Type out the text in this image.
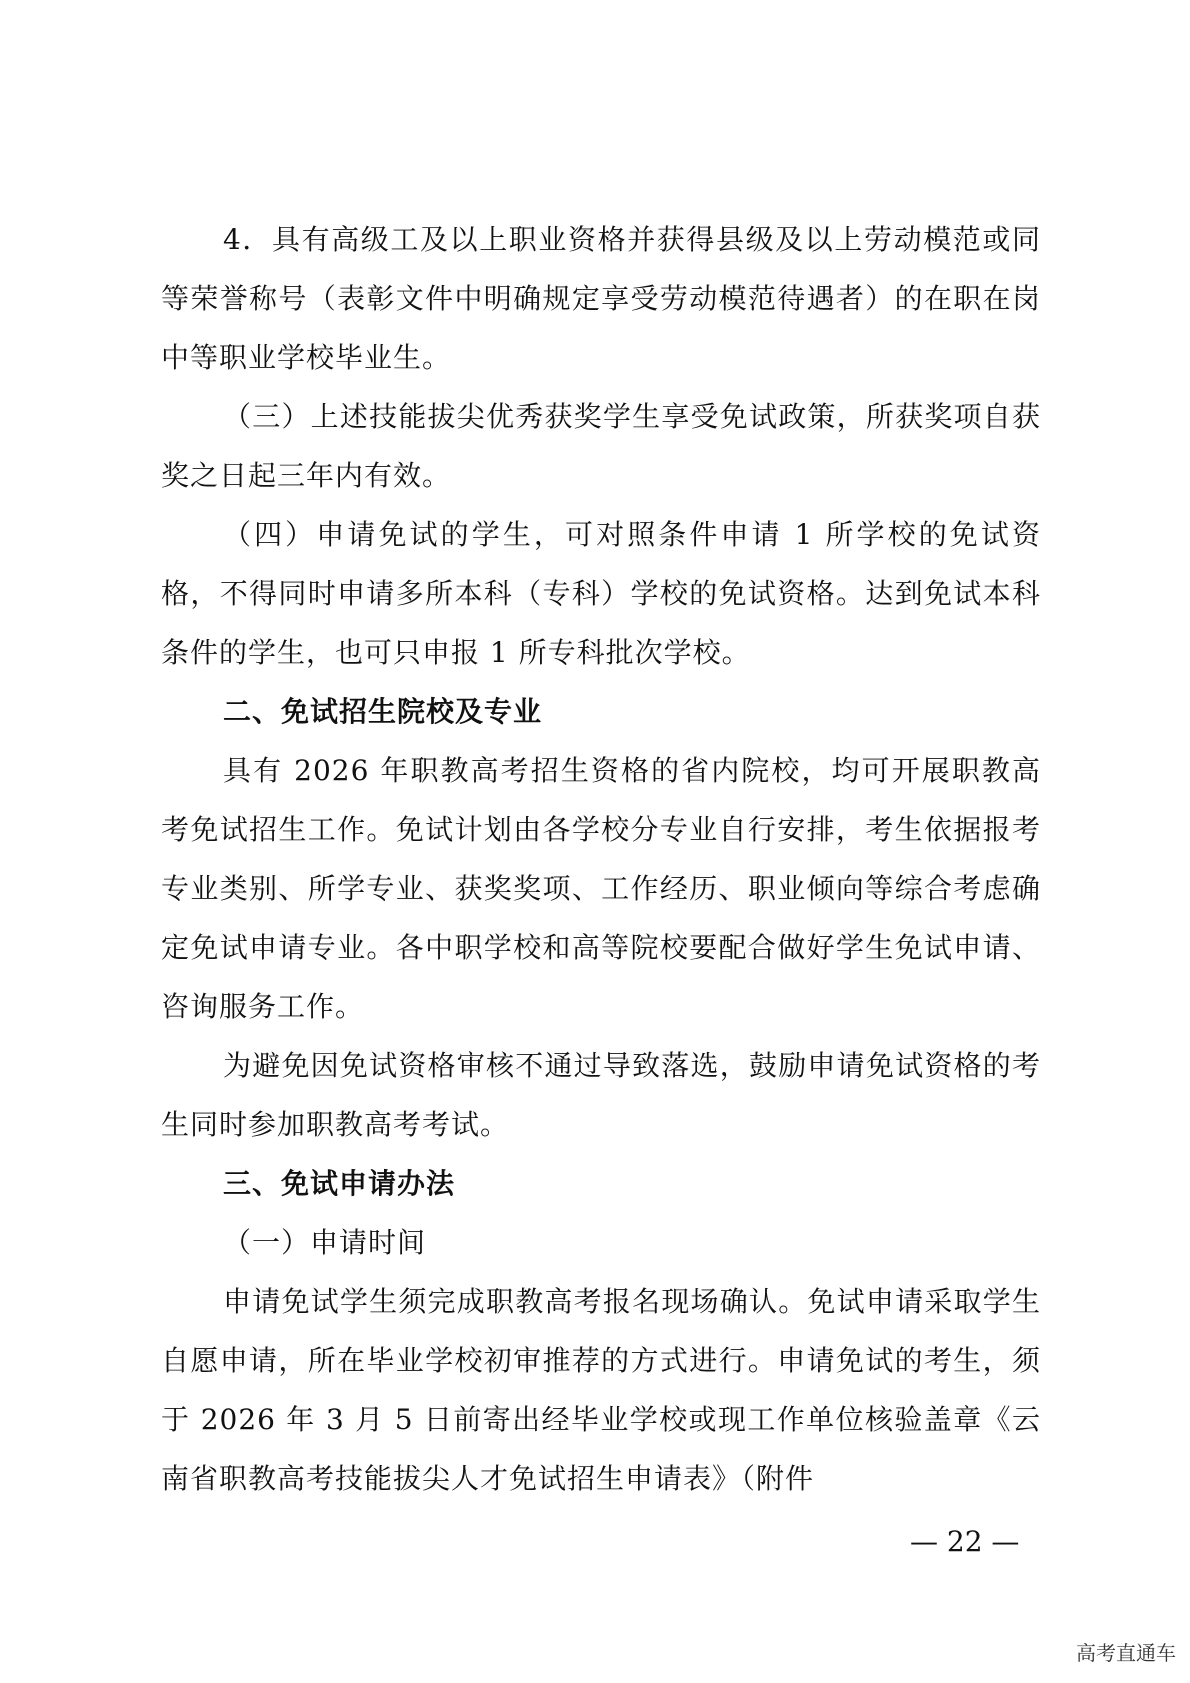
4．具有高级工及以上职业资格并获得县级及以上劳动模范或同等荣誉称号（表彰文件中明确规定享受劳动模范待遇者）的在职在岗中等职业学校毕业生。

（三）上述技能拔尖优秀获奖学生享受免试政策，所获奖项自获奖之日起三年内有效。

（四）申请免试的学生，可对照条件申请 1 所学校的免试资格，不得同时申请多所本科（专科）学校的免试资格。达到免试本科条件的学生，也可只申报 1 所专科批次学校。

二、免试招生院校及专业

具有 2026 年职教高考招生资格的省内院校，均可开展职教高考免试招生工作。免试计划由各学校分专业自行安排，考生依据报考专业类别、所学专业、获奖奖项、工作经历、职业倾向等综合考虑确定免试申请专业。各中职学校和高等院校要配合做好学生免试申请、咨询服务工作。

为避免因免试资格审核不通过导致落选，鼓励申请免试资格的考生同时参加职教高考考试。

三、免试申请办法

（一）申请时间

申请免试学生须完成职教高考报名现场确认。免试申请采取学生自愿申请，所在毕业学校初审推荐的方式进行。申请免试的考生，须于 2026 年 3 月 5 日前寄出经毕业学校或现工作单位核验盖章《云南省职教高考技能拔尖人才免试招生申请表》（附件

— 22 —
高考直通车
